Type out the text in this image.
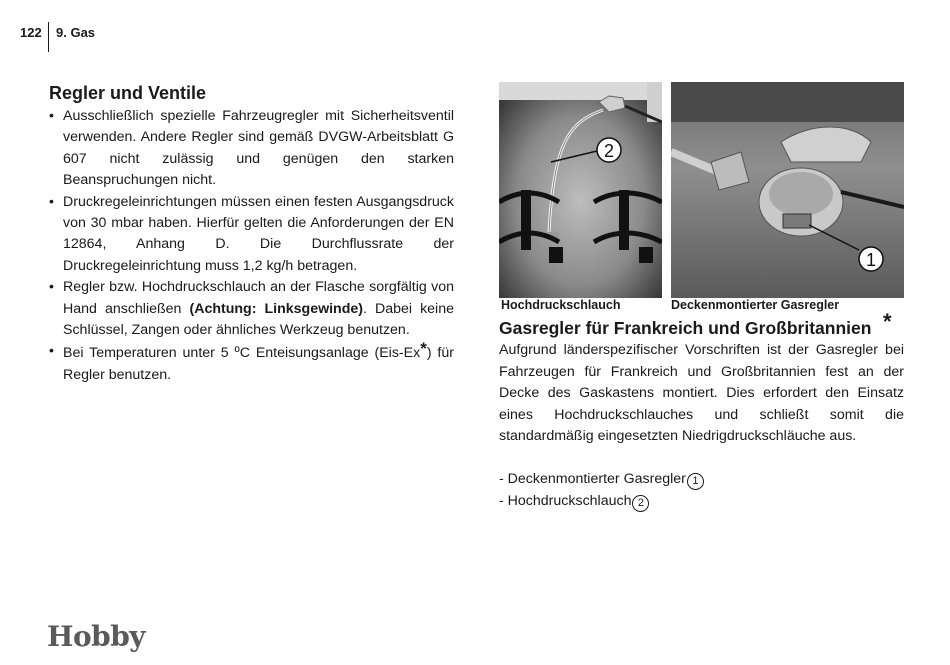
122 9. Gas
Regler und Ventile
• Ausschließlich spezielle Fahrzeugregler mit Sicherheitsventil verwenden. Andere Regler sind gemäß DVGW-Arbeitsblatt G 607 nicht zulässig und genügen den starken Beanspruchungen nicht.
• Druckregeleinrichtungen müssen einen festen Ausgangsdruck von 30 mbar haben. Hierfür gelten die Anforderungen der EN 12864, Anhang D. Die Durchflussrate der Druckregeleinrichtung muss 1,2 kg/h betragen.
• Regler bzw. Hochdruckschlauch an der Flasche sorgfältig von Hand anschließen (Achtung: Linksgewinde). Dabei keine Schlüssel, Zangen oder ähnliches Werkzeug benutzen.
• Bei Temperaturen unter 5 ºC Enteisungsanlage (Eis-Ex*) für Regler benutzen.
2
Hochdruckschlauch
1
Deckenmontierter Gasregler
Gasregler für Frankreich und Großbritannien *

Aufgrund länderspezifischer Vorschriften ist der Gasregler bei Fahrzeugen für Frankreich und Großbritannien fest an der Decke des Gaskastens montiert. Dies erfordert den Einsatz eines Hochdruckschlauches und schließt somit die standardmäßig eingesetzten Niedrigdruckschläuche aus.

- Deckenmontierter Gasregler 1
- Hochdruckschlauch 2
Hobby
